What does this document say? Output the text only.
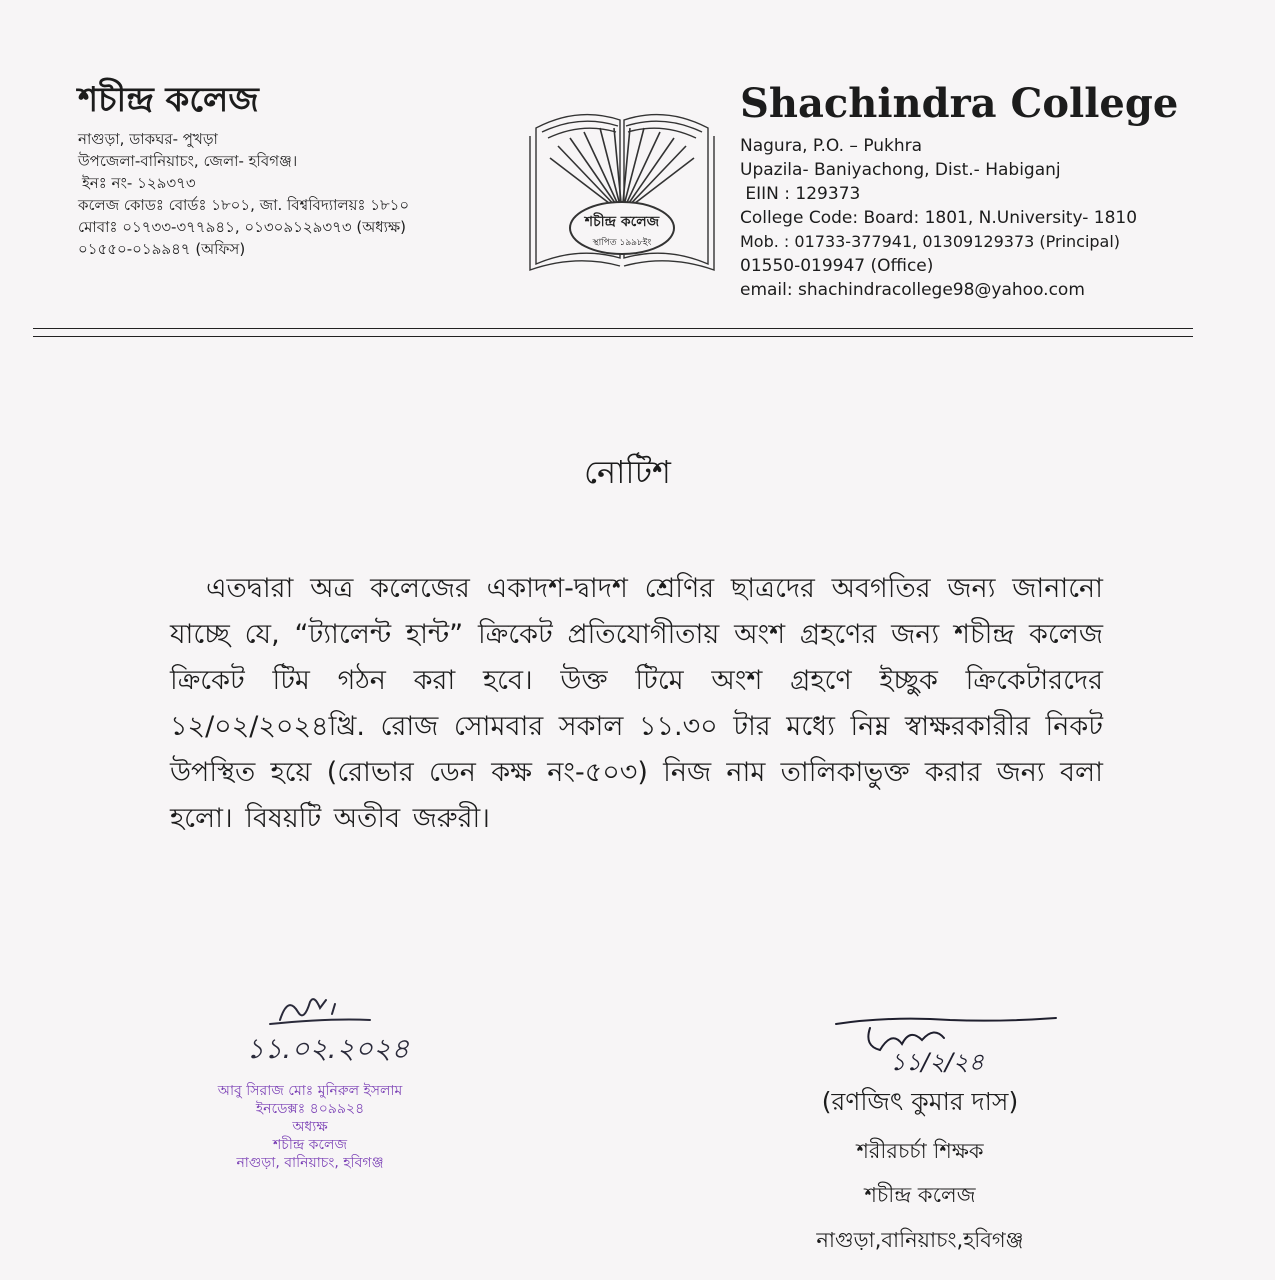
শচীন্দ্র কলেজ
নাগুড়া, ডাকঘর- পুখড়া
উপজেলা-বানিয়াচং, জেলা- হবিগঞ্জ।
ইনঃ নং- ১২৯৩৭৩
কলেজ কোডঃ বোর্ডঃ ১৮০১, জা. বিশ্ববিদ্যালয়ঃ ১৮১০
মোবাঃ ০১৭৩৩-৩৭৭৯৪১, ০১৩০৯১২৯৩৭৩ (অধ্যক্ষ)
০১৫৫০-০১৯৯৪৭ (অফিস)
শচীন্দ্র কলেজ
স্থাপিত ১৯৯৮ইং
Shachindra College
Nagura, P.O. – Pukhra
Upazila- Baniyachong, Dist.- Habiganj
EIIN : 129373
College Code: Board: 1801, N.University- 1810
Mob. : 01733-377941, 01309129373 (Principal)
01550-019947 (Office)
email: shachindracollege98@yahoo.com
নোটিশ
এতদ্বারা অত্র কলেজের একাদশ-দ্বাদশ শ্রেণির ছাত্রদের অবগতির জন্য জানানো যাচ্ছে যে, “ট্যালেন্ট হান্ট” ক্রিকেট প্রতিযোগীতায় অংশ গ্রহণের জন্য শচীন্দ্র কলেজ ক্রিকেট টিম গঠন করা হবে। উক্ত টিমে অংশ গ্রহণে ইচ্ছুক ক্রিকেটারদের ১২/০২/২০২৪খ্রি. রোজ সোমবার সকাল ১১.৩০ টার মধ্যে নিম্ন স্বাক্ষরকারীর নিকট উপস্থিত হয়ে (রোভার ডেন কক্ষ নং-৫০৩) নিজ নাম তালিকাভুক্ত করার জন্য বলা হলো। বিষয়টি অতীব জরুরী।
১১.০২.২০২৪
আবু সিরাজ মোঃ মুনিরুল ইসলাম
ইনডেক্সঃ ৪০৯৯২৪
অধ্যক্ষ
শচীন্দ্র কলেজ
নাগুড়া, বানিয়াচং, হবিগঞ্জ
১১/২/২৪
(রণজিৎ কুমার দাস)
শরীরচর্চা শিক্ষক
শচীন্দ্র কলেজ
নাগুড়া,বানিয়াচং,হবিগঞ্জ
